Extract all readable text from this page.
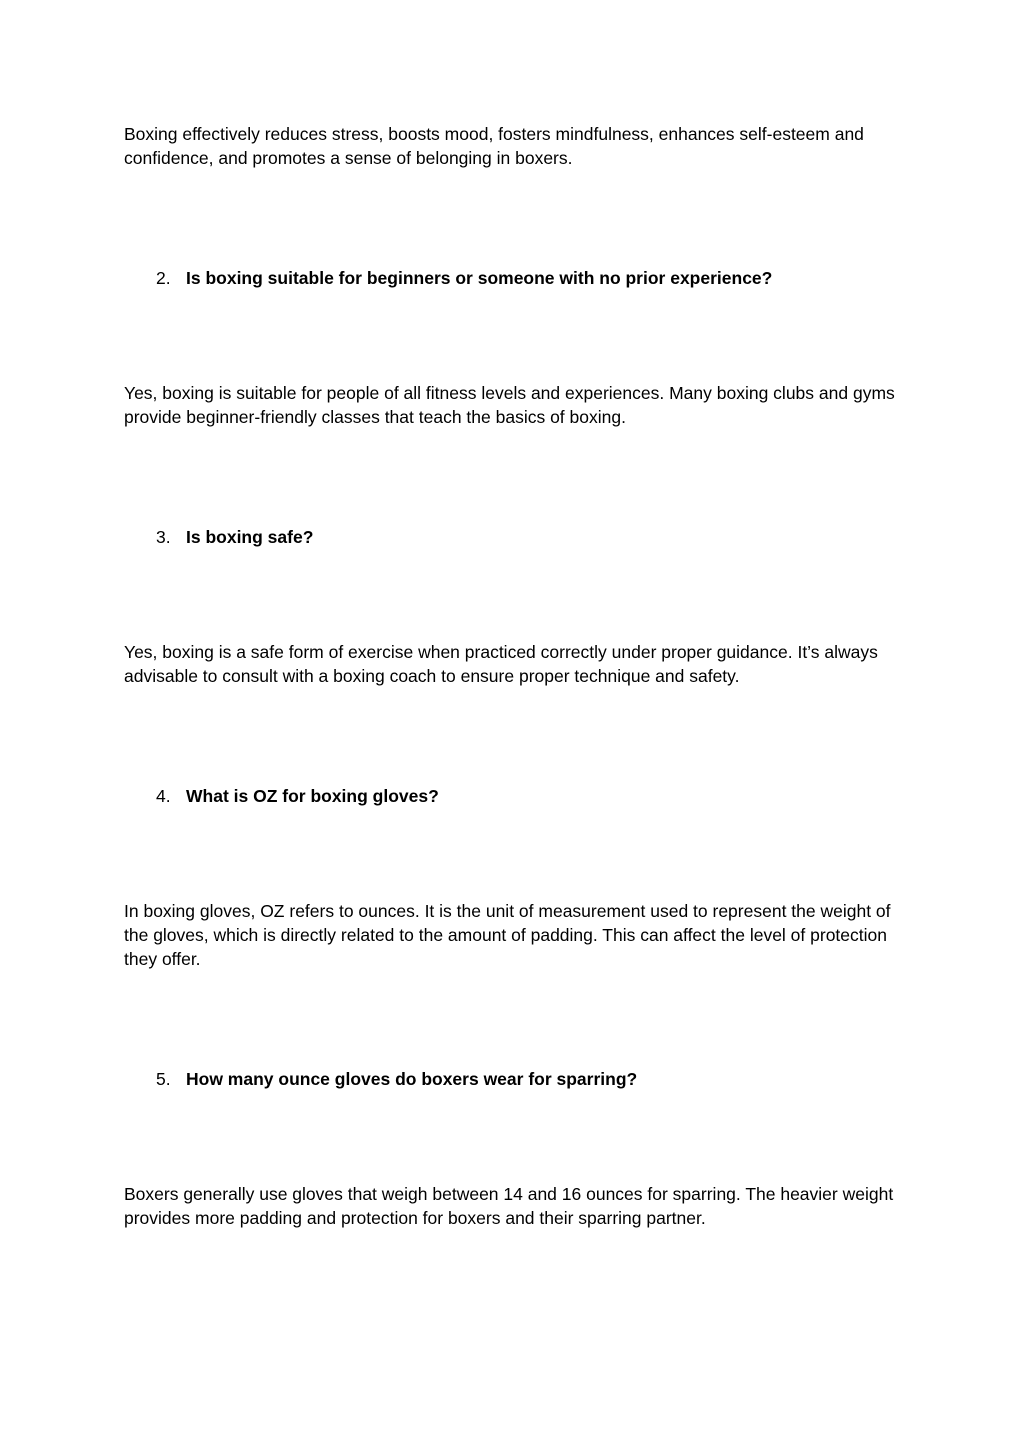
Boxing effectively reduces stress, boosts mood, fosters mindfulness, enhances self-esteem and confidence, and promotes a sense of belonging in boxers.

2. Is boxing suitable for beginners or someone with no prior experience?

Yes, boxing is suitable for people of all fitness levels and experiences. Many boxing clubs and gyms provide beginner-friendly classes that teach the basics of boxing.

3. Is boxing safe?

Yes, boxing is a safe form of exercise when practiced correctly under proper guidance. It’s always advisable to consult with a boxing coach to ensure proper technique and safety.

4. What is OZ for boxing gloves?

In boxing gloves, OZ refers to ounces. It is the unit of measurement used to represent the weight of the gloves, which is directly related to the amount of padding. This can affect the level of protection they offer.

5. How many ounce gloves do boxers wear for sparring?

Boxers generally use gloves that weigh between 14 and 16 ounces for sparring. The heavier weight provides more padding and protection for boxers and their sparring partner.
